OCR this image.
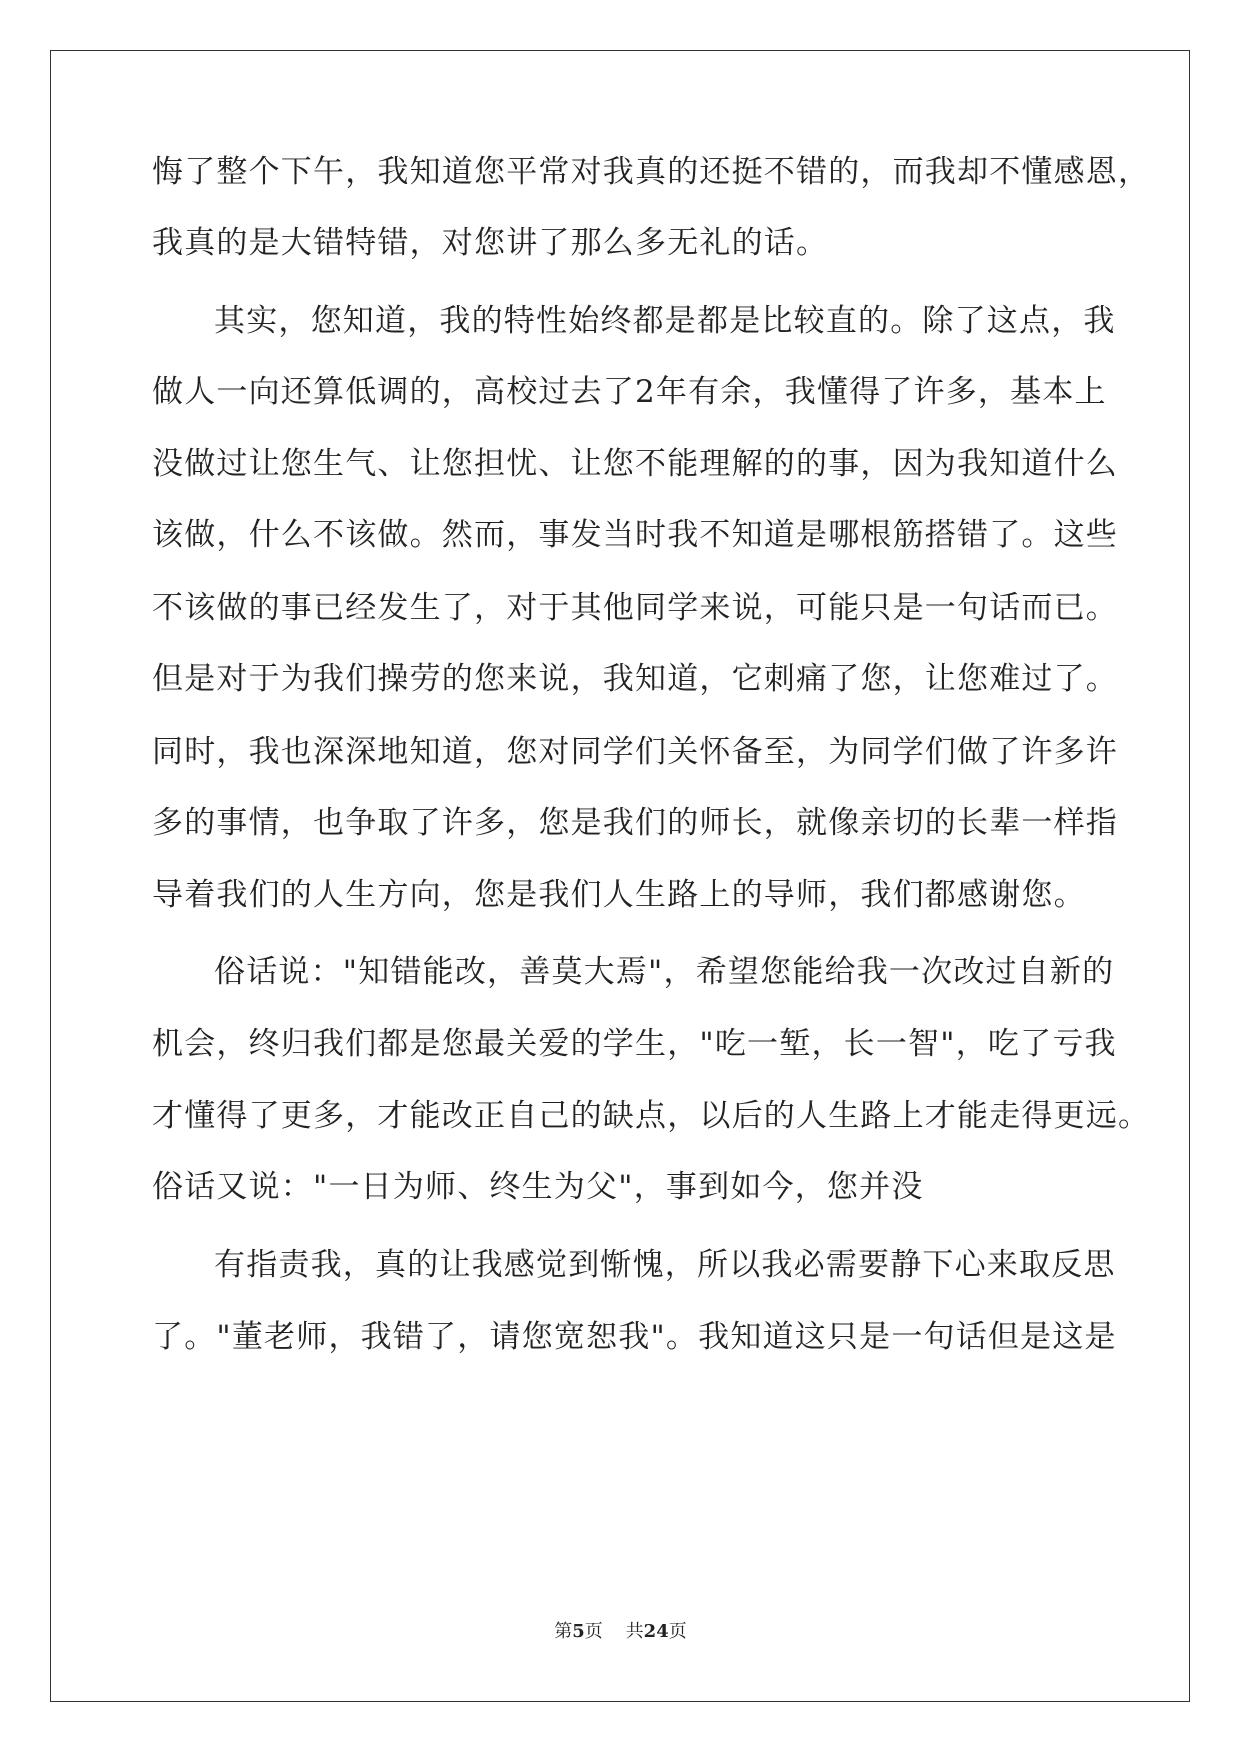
悔了整个下午，我知道您平常对我真的还挺不错的，而我却不懂感恩，
我真的是大错特错，对您讲了那么多无礼的话。
其实，您知道，我的特性始终都是都是比较直的。除了这点，我
做人一向还算低调的，高校过去了2年有余，我懂得了许多，基本上
没做过让您生气、让您担忧、让您不能理解的的事，因为我知道什么
该做，什么不该做。然而，事发当时我不知道是哪根筋搭错了。这些
不该做的事已经发生了，对于其他同学来说，可能只是一句话而已。
但是对于为我们操劳的您来说，我知道，它刺痛了您，让您难过了。
同时，我也深深地知道，您对同学们关怀备至，为同学们做了许多许
多的事情，也争取了许多，您是我们的师长，就像亲切的长辈一样指
导着我们的人生方向，您是我们人生路上的导师，我们都感谢您。
俗话说："知错能改，善莫大焉"，希望您能给我一次改过自新的
机会，终归我们都是您最关爱的学生，"吃一堑，长一智"，吃了亏我
才懂得了更多，才能改正自己的缺点，以后的人生路上才能走得更远。
俗话又说："一日为师、终生为父"，事到如今，您并没
有指责我，真的让我感觉到惭愧，所以我必需要静下心来取反思
了。"董老师，我错了，请您宽恕我"。我知道这只是一句话但是这是
第5页 共24页
